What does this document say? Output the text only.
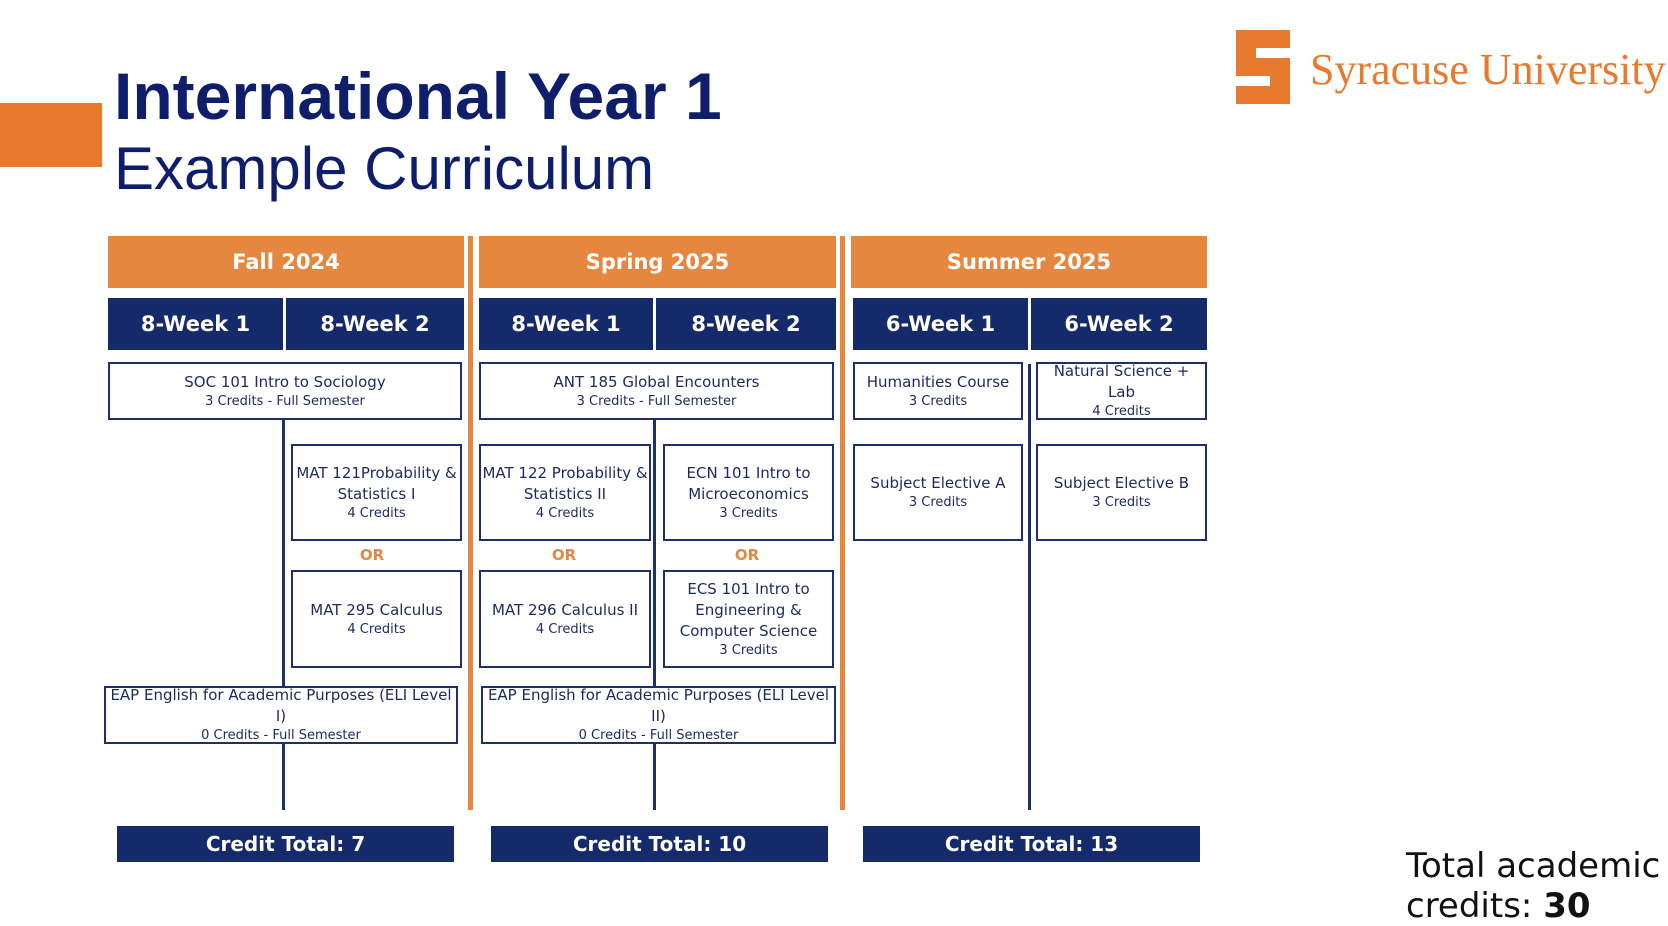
International Year 1
Example Curriculum
Syracuse University
Fall 2024	Spring 2025	Summer 2025
8-Week 1	8-Week 2	8-Week 1	8-Week 2	6-Week 1	6-Week 2
SOC 101 Intro to Sociology
3 Credits - Full Semester
MAT 121Probability &
Statistics I
4 Credits
OR
MAT 295 Calculus
4 Credits
EAP English for Academic Purposes (ELI Level I)
0 Credits - Full Semester
ANT 185 Global Encounters
3 Credits - Full Semester
MAT 122 Probability &
Statistics II
4 Credits
ECN 101 Intro to
Microeconomics
3 Credits
OR	OR
MAT 296 Calculus II
4 Credits
ECS 101 Intro to
Engineering &
Computer Science
3 Credits
EAP English for Academic Purposes (ELI Level II)
0 Credits - Full Semester
Humanities Course
3 Credits
Natural Science + Lab
4 Credits
Subject Elective A
3 Credits
Subject Elective B
3 Credits
Credit Total: 7	Credit Total: 10	Credit Total: 13
Total academic
credits: 30
